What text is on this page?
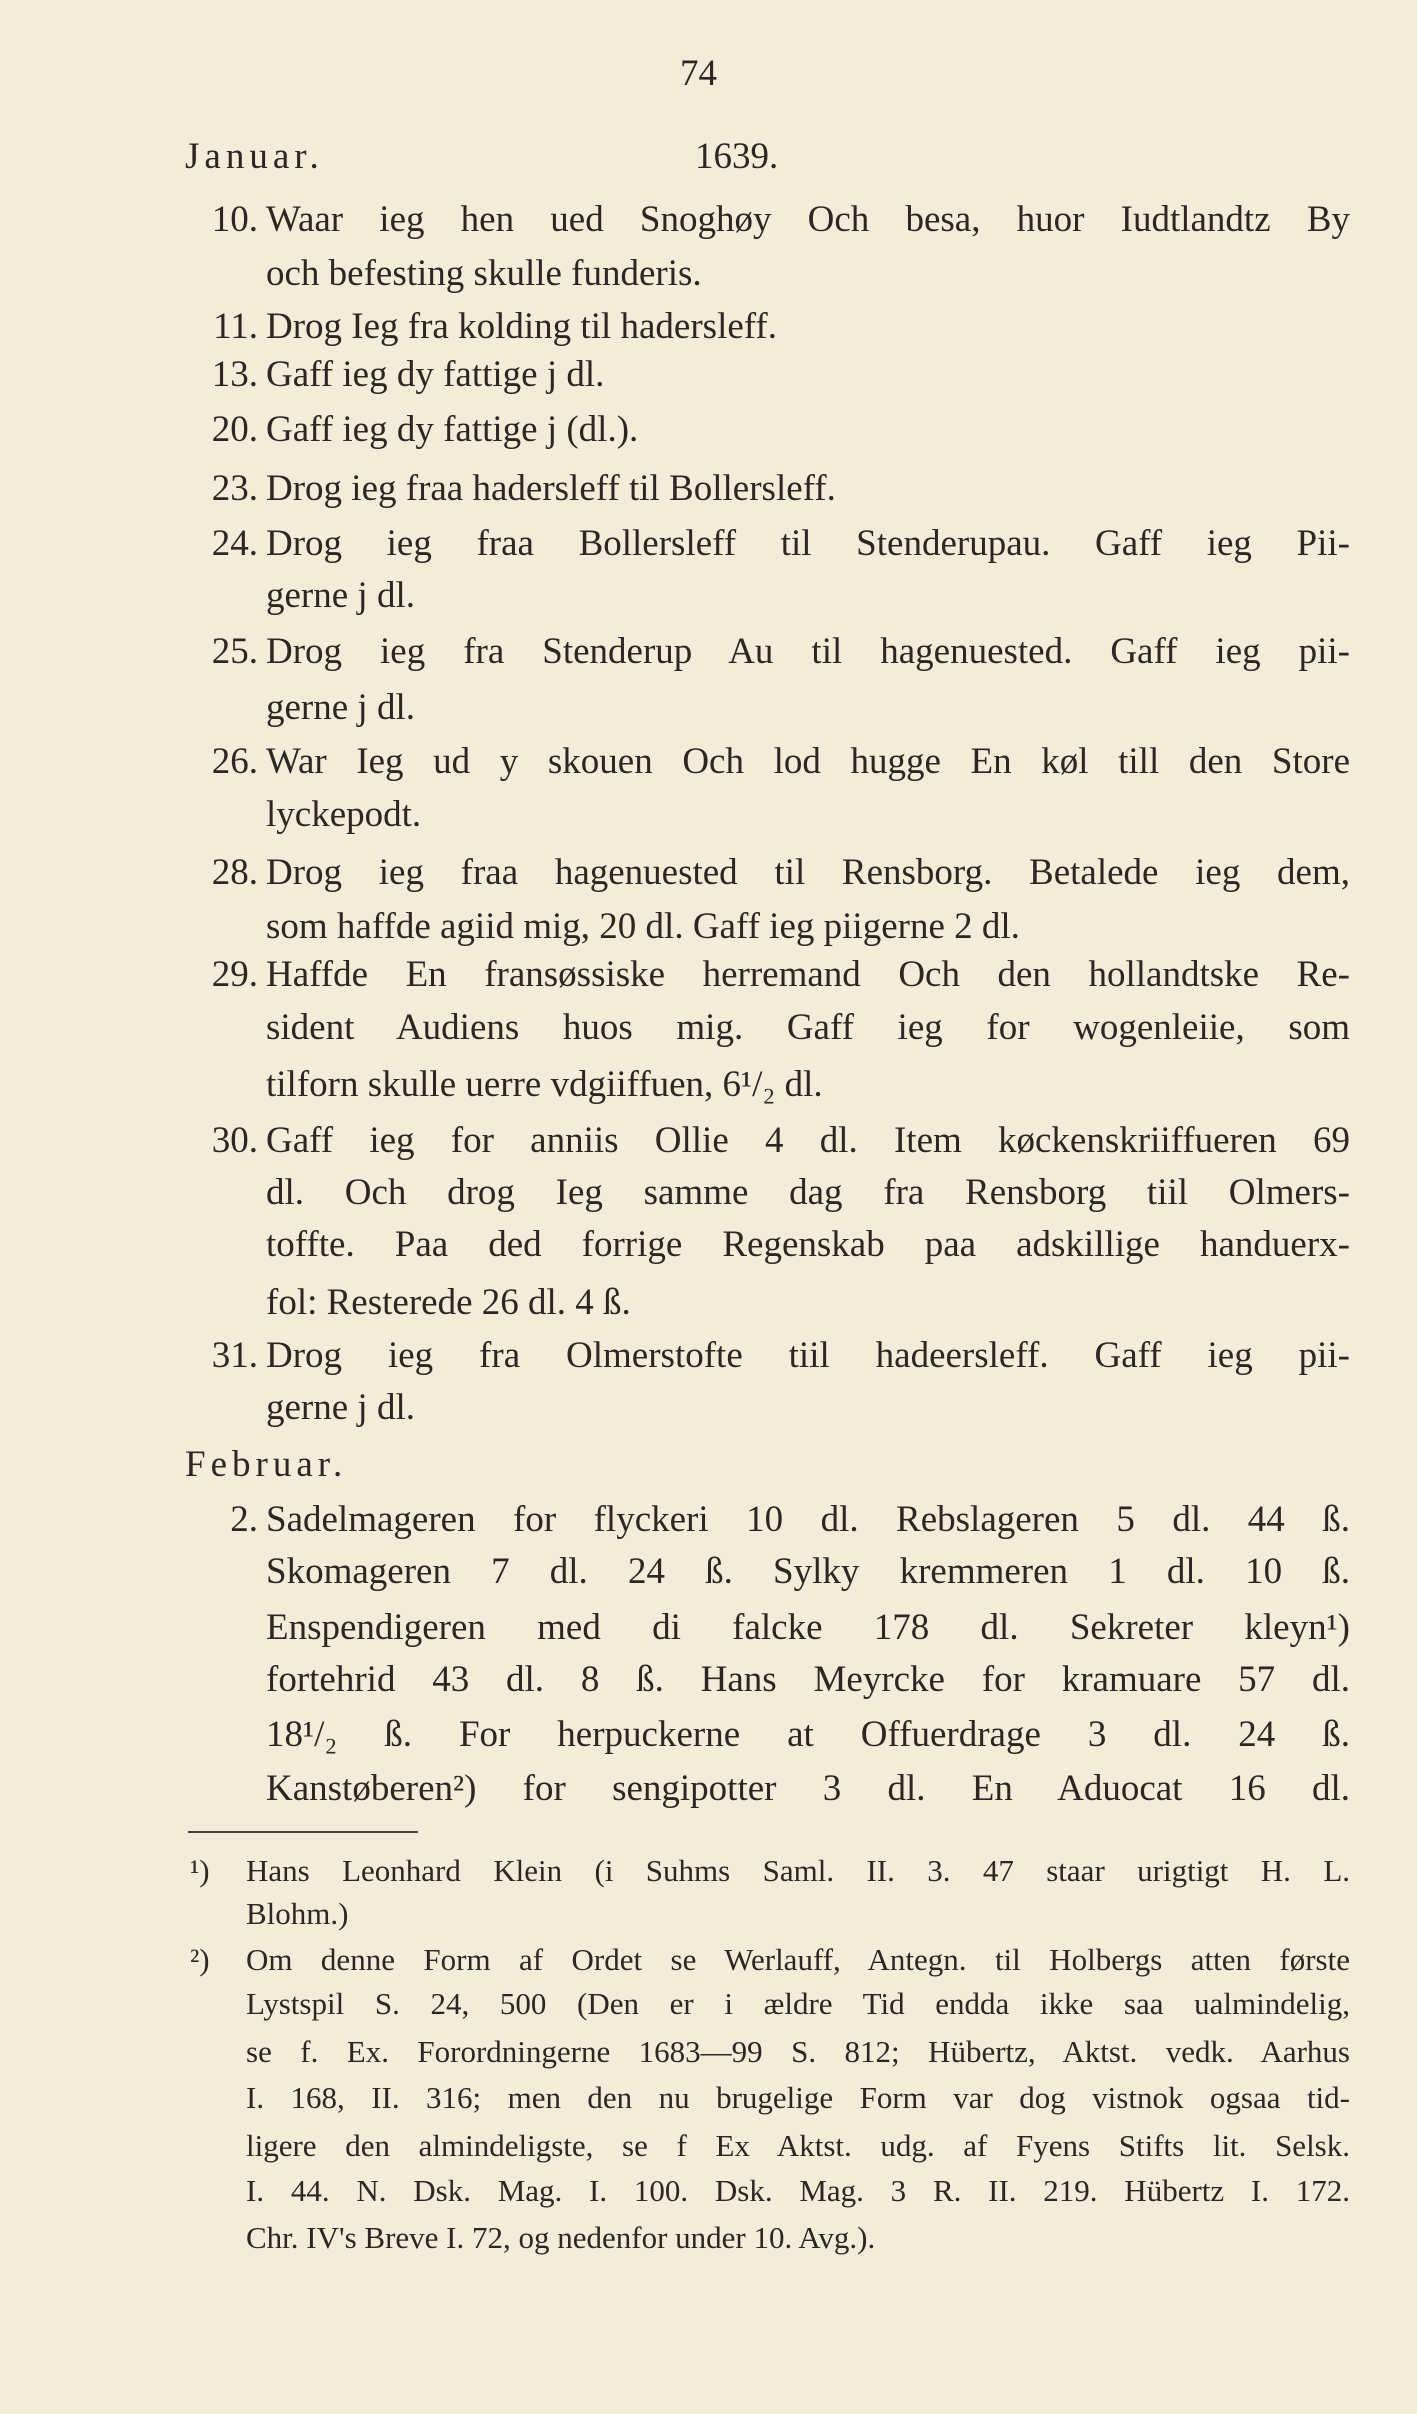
74
Januar.	1639.
Februar.
10. Waar ieg hen ued Snoghøy Och besa, huor Iudtlandtz By
och befesting skulle funderis.
11. Drog Ieg fra kolding til hadersleff.
13. Gaff ieg dy fattige j dl.
20. Gaff ieg dy fattige j (dl.).
23. Drog ieg fraa hadersleff til Bollersleff.
24. Drog ieg fraa Bollersleff til Stenderupau. Gaff ieg Pii-
gerne j dl.
25. Drog ieg fra Stenderup Au til hagenuested. Gaff ieg pii-
gerne j dl.
26. War Ieg ud y skouen Och lod hugge En køl till den Store
lyckepodt.
28. Drog ieg fraa hagenuested til Rensborg. Betalede ieg dem,
som haffde agiid mig, 20 dl. Gaff ieg piigerne 2 dl.
29. Haffde En fransøssiske herremand Och den hollandtske Re-
sident Audiens huos mig. Gaff ieg for wogenleiie, som
tilforn skulle uerre vdgiiffuen, 6¹/₂ dl.
30. Gaff ieg for anniis Ollie 4 dl. Item køckenskriiffueren 69
dl. Och drog Ieg samme dag fra Rensborg tiil Olmers-
toffte. Paa ded forrige Regenskab paa adskillige handuerx-
fol: Resterede 26 dl. 4 ß.
31. Drog ieg fra Olmerstofte tiil hadeersleff. Gaff ieg pii-
gerne j dl.
2. Sadelmageren for flyckeri 10 dl. Rebslageren 5 dl. 44 ß.
Skomageren 7 dl. 24 ß. Sylky kremmeren 1 dl. 10 ß.
Enspendigeren med di falcke 178 dl. Sekreter kleyn¹)
fortehrid 43 dl. 8 ß. Hans Meyrcke for kramuare 57 dl.
18¹/₂ ß. For herpuckerne at Offuerdrage 3 dl. 24 ß.
Kanstøberen²) for sengipotter 3 dl. En Aduocat 16 dl.
¹) Hans Leonhard Klein (i Suhms Saml. II. 3. 47 staar urigtigt H. L.
Blohm.)
²) Om denne Form af Ordet se Werlauff, Antegn. til Holbergs atten første
Lystspil S. 24, 500 (Den er i ældre Tid endda ikke saa ualmindelig,
se f. Ex. Forordningerne 1683—99 S. 812; Hübertz, Aktst. vedk. Aarhus
I. 168, II. 316; men den nu brugelige Form var dog vistnok ogsaa tid-
ligere den almindeligste, se f Ex Aktst. udg. af Fyens Stifts lit. Selsk.
I. 44. N. Dsk. Mag. I. 100. Dsk. Mag. 3 R. II. 219. Hübertz I. 172.
Chr. IV's Breve I. 72, og nedenfor under 10. Avg.).
